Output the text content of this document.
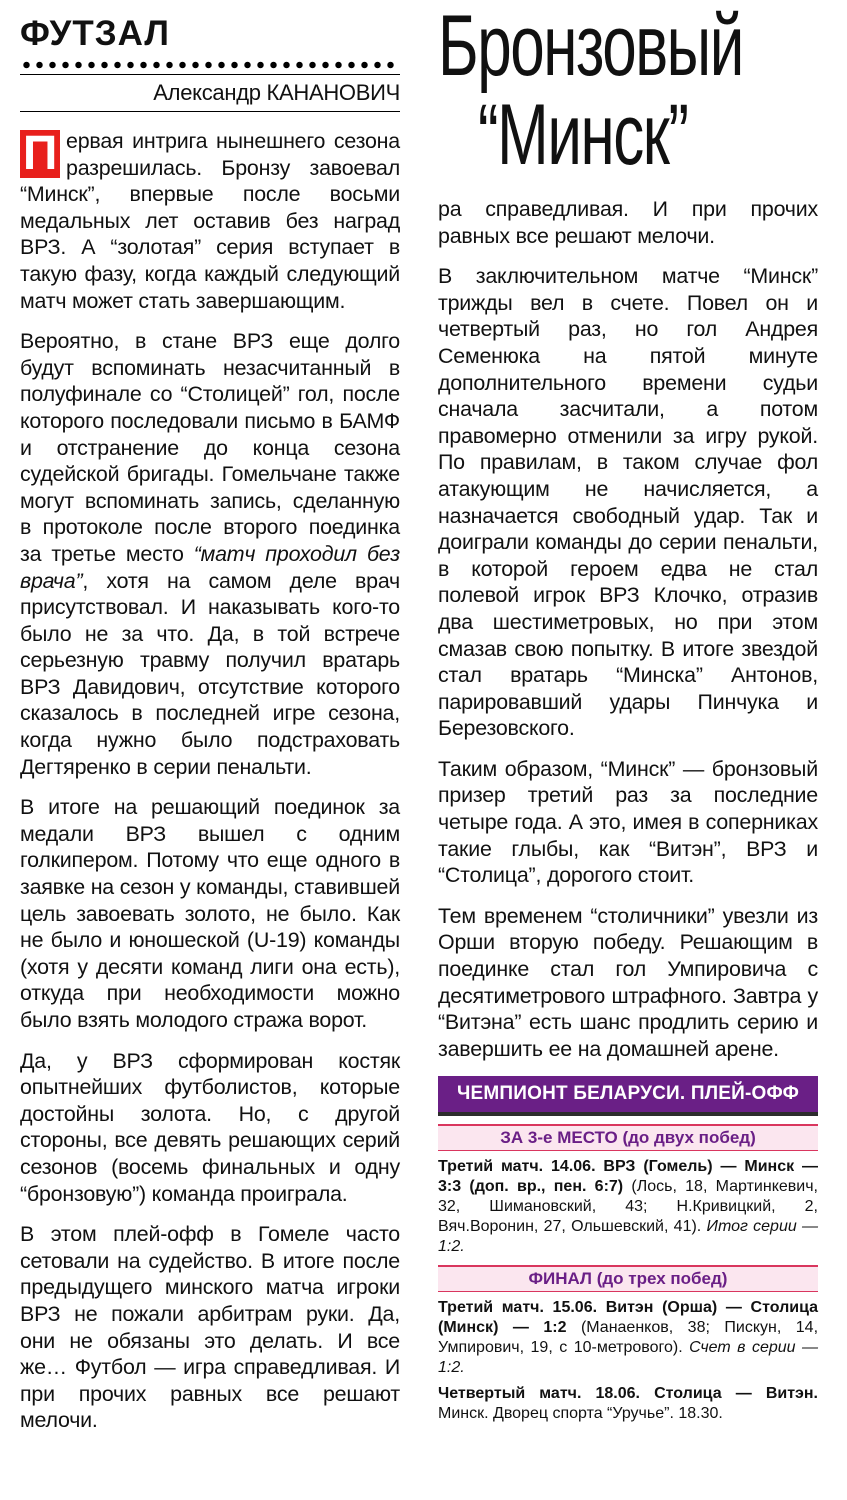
ФУТЗАЛ
Александр КАНАНОВИЧ

П ервая интрига нынешнего сезона разрешилась. Бронзу завоевал “Минск”, впервые после восьми медальных лет оставив без наград ВРЗ. А “золотая” серия вступает в такую фазу, когда каждый следующий матч может стать завершающим.

Вероятно, в стане ВРЗ еще долго будут вспоминать незасчитанный в полуфинале со “Столицей” гол, после которого последовали письмо в БАМФ и отстранение до конца сезона судейской бригады. Гомельчане также могут вспоминать запись, сделанную в протоколе после второго поединка за третье место “матч проходил без врача”, хотя на самом деле врач присутствовал. И наказывать кого-то было не за что. Да, в той встрече серьезную травму получил вратарь ВРЗ Давидович, отсутствие которого сказалось в последней игре сезона, когда нужно было подстраховать Дегтяренко в серии пенальти.

В итоге на решающий поединок за медали ВРЗ вышел с одним голкипером. Потому что еще одного в заявке на сезон у команды, ставившей цель завоевать золото, не было. Как не было и юношеской (U-19) команды (хотя у десяти команд лиги она есть), откуда при необходимости можно было взять молодого стража ворот.

Да, у ВРЗ сформирован костяк опытнейших футболистов, которые достойны золота. Но, с другой стороны, все девять решающих серий сезонов (восемь финальных и одну “бронзовую”) команда проиграла.

В этом плей-офф в Гомеле часто сетовали на судейство. В итоге после предыдущего минского матча игроки ВРЗ не пожали арбитрам руки. Да, они не обязаны это делать. И все же… Футбол — игра справедливая. И при прочих равных все решают мелочи.

Бронзовый
“Минск”

ра справедливая. И при прочих равных все решают мелочи.

В заключительном матче “Минск” трижды вел в счете. Повел он и четвертый раз, но гол Андрея Семенюка на пятой минуте дополнительного времени судьи сначала засчитали, а потом правомерно отменили за игру рукой. По правилам, в таком случае фол атакующим не начисляется, а назначается свободный удар. Так и доиграли команды до серии пенальти, в которой героем едва не стал полевой игрок ВРЗ Клочко, отразив два шестиметровых, но при этом смазав свою попытку. В итоге звездой стал вратарь “Минска” Антонов, парировавший удары Пинчука и Березовского.

Таким образом, “Минск” — бронзовый призер третий раз за последние четыре года. А это, имея в соперниках такие глыбы, как “Витэн”, ВРЗ и “Столица”, дорогого стоит.

Тем временем “столичники” увезли из Орши вторую победу. Решающим в поединке стал гол Умпировича с десятиметрового штрафного. Завтра у “Витэна” есть шанс продлить серию и завершить ее на домашней арене.

ЧЕМПИОНТ БЕЛАРУСИ. ПЛЕЙ-ОФФ
ЗА 3-е МЕСТО (до двух побед)
Третий матч. 14.06. ВРЗ (Гомель) — Минск — 3:3 (доп. вр., пен. 6:7) (Лось, 18, Мартинкевич, 32, Шимановский, 43; Н.Кривицкий, 2, Вяч.Воронин, 27, Ольшевский, 41). Итог серии — 1:2.
ФИНАЛ (до трех побед)
Третий матч. 15.06. Витэн (Орша) — Столица (Минск) — 1:2 (Манаенков, 38; Пискун, 14, Умпирович, 19, с 10-метрового). Счет в серии — 1:2.
Четвертый матч. 18.06. Столица — Витэн. Минск. Дворец спорта “Уручье”. 18.30.
